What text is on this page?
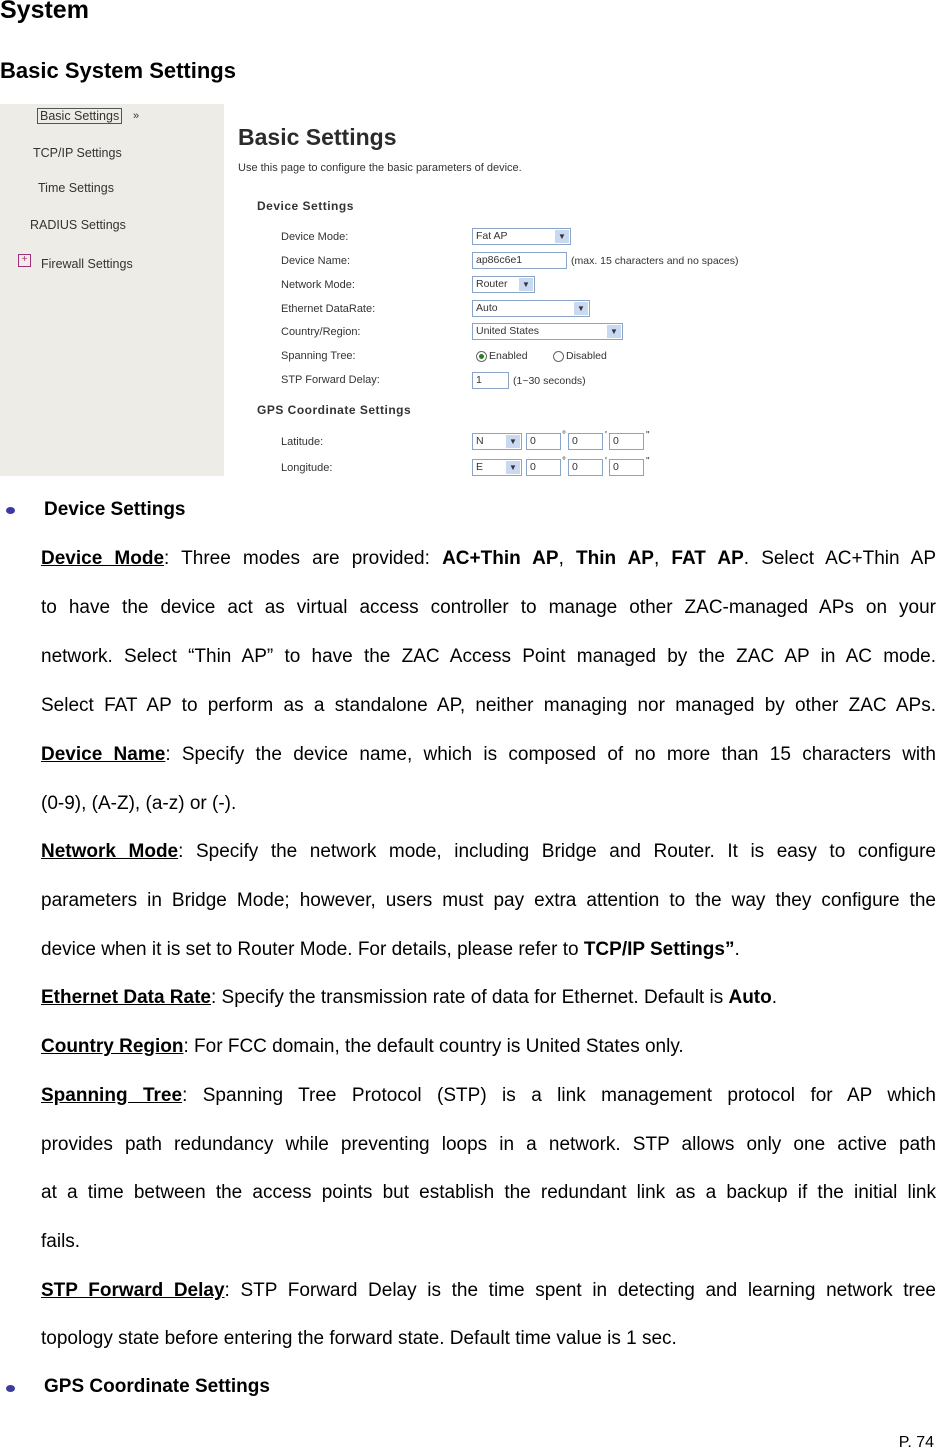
System
Basic System Settings
Basic Settings »
TCP/IP Settings
Time Settings
RADIUS Settings
+ Firewall Settings
Basic Settings
Use this page to configure the basic parameters of device.
Device Settings
Device Mode:	Fat AP	▼
Device Name:	ap86c6e1	(max. 15 characters and no spaces)
Network Mode:	Router	▼
Ethernet DataRate:	Auto	▼
Country/Region:	United States	▼
Spanning Tree:	Enabled	Disabled
STP Forward Delay:	1	(1~30 seconds)
GPS Coordinate Settings
Latitude:	N	▼	0	° 0	' 0	"
Longitude:	E	▼	0	° 0	' 0	"
Device Settings
Device Mode: Three modes are provided: AC+Thin AP, Thin AP, FAT AP. Select AC+Thin AP
to have the device act as virtual access controller to manage other ZAC-managed APs on your
network. Select “Thin AP” to have the ZAC Access Point managed by the ZAC AP in AC mode.
Select FAT AP to perform as a standalone AP, neither managing nor managed by other ZAC APs.
Device Name: Specify the device name, which is composed of no more than 15 characters with
(0-9), (A-Z), (a-z) or (-).
Network Mode: Specify the network mode, including Bridge and Router. It is easy to configure
parameters in Bridge Mode; however, users must pay extra attention to the way they configure the
device when it is set to Router Mode. For details, please refer to TCP/IP Settings”.
Ethernet Data Rate: Specify the transmission rate of data for Ethernet. Default is Auto.
Country Region: For FCC domain, the default country is United States only.
Spanning Tree: Spanning Tree Protocol (STP) is a link management protocol for AP which
provides path redundancy while preventing loops in a network. STP allows only one active path
at a time between the access points but establish the redundant link as a backup if the initial link
fails.
STP Forward Delay: STP Forward Delay is the time spent in detecting and learning network tree
topology state before entering the forward state. Default time value is 1 sec.
GPS Coordinate Settings
P. 74
